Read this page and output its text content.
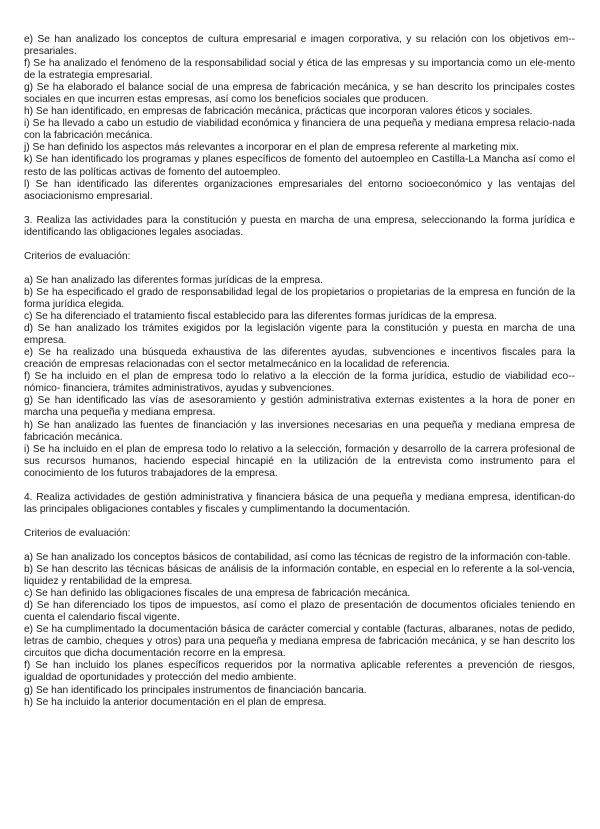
e) Se han analizado los conceptos de cultura empresarial e imagen corporativa, y su relación con los objetivos em-presariales.

f) Se ha analizado el fenómeno de la responsabilidad social y ética de las empresas y su importancia como un ele-mento de la estrategia empresarial.

g) Se ha elaborado el balance social de una empresa de fabricación mecánica, y se han descrito los principales costes sociales en que incurren estas empresas, así como los beneficios sociales que producen.

h) Se han identificado, en empresas de fabricación mecánica, prácticas que incorporan valores éticos y sociales.

i) Se ha llevado a cabo un estudio de viabilidad económica y financiera de una pequeña y mediana empresa relacio-nada con la fabricación mecánica.

j) Se han definido los aspectos más relevantes a incorporar en el plan de empresa referente al marketing mix.

k) Se han identificado los programas y planes específicos de fomento del autoempleo en Castilla-La Mancha así como el resto de las políticas activas de fomento del autoempleo.

l) Se han identificado las diferentes organizaciones empresariales del entorno socioeconómico y las ventajas del asociacionismo empresarial.

3. Realiza las actividades para la constitución y puesta en marcha de una empresa, seleccionando la forma jurídica e identificando las obligaciones legales asociadas.

Criterios de evaluación:

a) Se han analizado las diferentes formas jurídicas de la empresa.

b) Se ha especificado el grado de responsabilidad legal de los propietarios o propietarias de la empresa en función de la forma jurídica elegida.

c) Se ha diferenciado el tratamiento fiscal establecido para las diferentes formas jurídicas de la empresa.

d) Se han analizado los trámites exigidos por la legislación vigente para la constitución y puesta en marcha de una empresa.

e) Se ha realizado una búsqueda exhaustiva de las diferentes ayudas, subvenciones e incentivos fiscales para la creación de empresas relacionadas con el sector metalmecánico en la localidad de referencia.

f) Se ha incluido en el plan de empresa todo lo relativo a la elección de la forma jurídica, estudio de viabilidad eco-nómico- financiera, trámites administrativos, ayudas y subvenciones.

g) Se han identificado las vías de asesoramiento y gestión administrativa externas existentes a la hora de poner en marcha una pequeña y mediana empresa.

h) Se han analizado las fuentes de financiación y las inversiones necesarias en una pequeña y mediana empresa de fabricación mecánica.

i) Se ha incluido en el plan de empresa todo lo relativo a la selección, formación y desarrollo de la carrera profesional de sus recursos humanos, haciendo especial hincapié en la utilización de la entrevista como instrumento para el conocimiento de los futuros trabajadores de la empresa.

4. Realiza actividades de gestión administrativa y financiera básica de una pequeña y mediana empresa, identifican-do las principales obligaciones contables y fiscales y cumplimentando la documentación.

Criterios de evaluación:

a) Se han analizado los conceptos básicos de contabilidad, así como las técnicas de registro de la información con-table.

b) Se han descrito las técnicas básicas de análisis de la información contable, en especial en lo referente a la sol-vencia, liquidez y rentabilidad de la empresa.

c) Se han definido las obligaciones fiscales de una empresa de fabricación mecánica.

d) Se han diferenciado los tipos de impuestos, así como el plazo de presentación de documentos oficiales teniendo en cuenta el calendario fiscal vigente.

e) Se ha cumplimentado la documentación básica de carácter comercial y contable (facturas, albaranes, notas de pedido, letras de cambio, cheques y otros) para una pequeña y mediana empresa de fabricación mecánica, y se han descrito los circuitos que dicha documentación recorre en la empresa.

f) Se han incluido los planes específicos requeridos por la normativa aplicable referentes a prevención de riesgos, igualdad de oportunidades y protección del medio ambiente.

g) Se han identificado los principales instrumentos de financiación bancaria.

h) Se ha incluido la anterior documentación en el plan de empresa.
